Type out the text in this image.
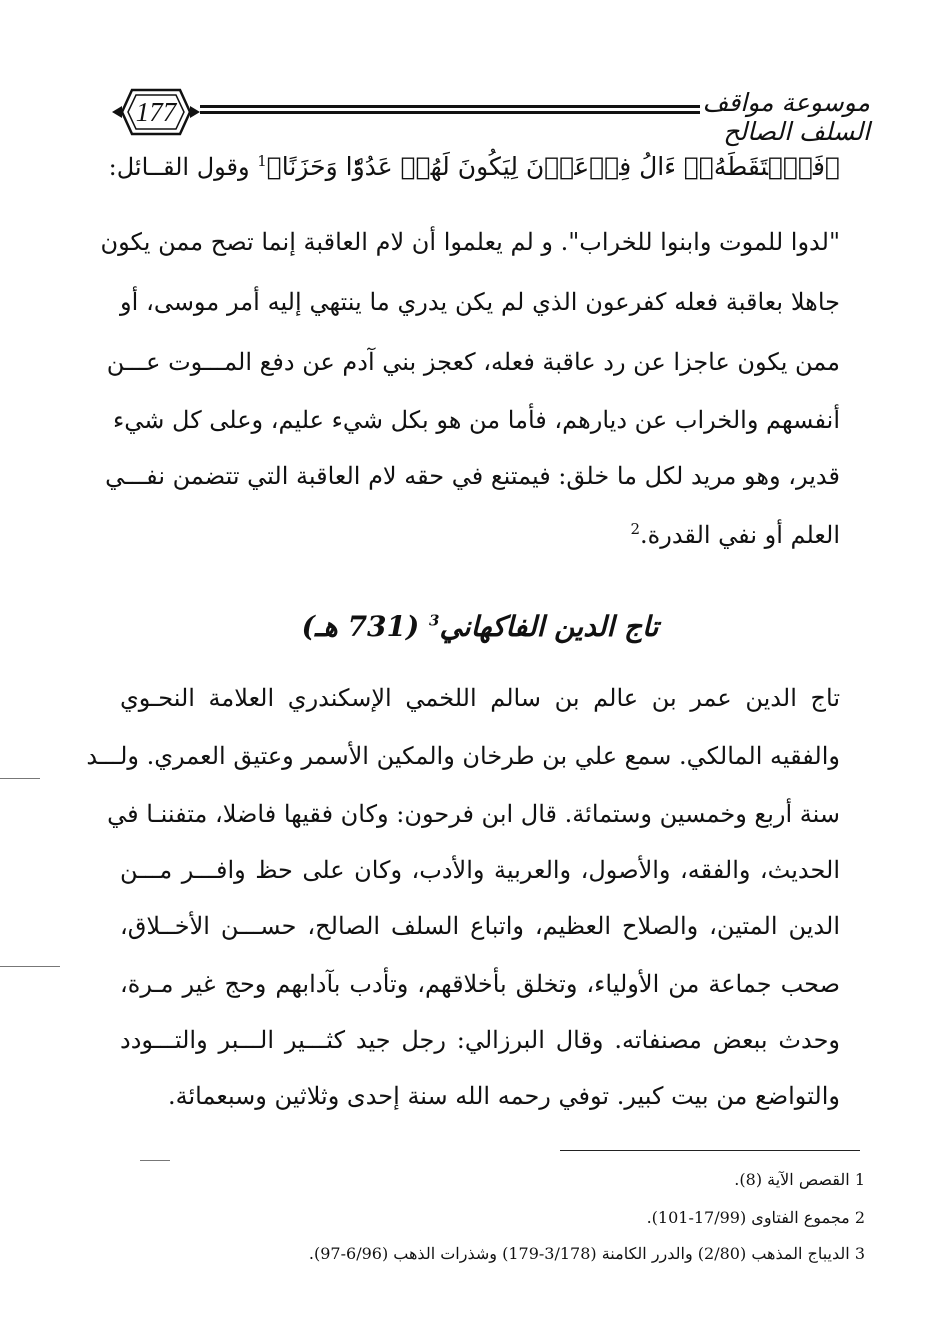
177	موسوعة مواقف السلف الصالح
﴿فَٱلۡتَقَطَهُۥٓ ءَالُ فِرۡعَوۡنَ لِيَكُونَ لَهُمۡ عَدُوّٗا وَحَزَنًا﴾$^1$ وقول القــائل:
"لدوا للموت وابنوا للخراب". و لم يعلموا أن لام العاقبة إنما تصح ممن يكون
جاهلا بعاقبة فعله كفرعون الذي لم يكن يدري ما ينتهي إليه أمر موسى، أو
ممن يكون عاجزا عن رد عاقبة فعله، كعجز بني آدم عن دفع المـــوت عـــن
أنفسهم والخراب عن ديارهم، فأما من هو بكل شيء عليم، وعلى كل شيء
قدير، وهو مريد لكل ما خلق: فيمتنع في حقه لام العاقبة التي تتضمن نفـــي
العلم أو نفي القدرة.$^2$
تاج الدين الفاكهاني$^3$ (731 هـ)
تاج الدين عمر بن عالم بن سالم اللخمي الإسكندري العلامة النحـوي
والفقيه المالكي. سمع علي بن طرخان والمكين الأسمر وعتيق العمري. ولـــد
سنة أربع وخمسين وستمائة. قال ابن فرحون: وكان فقيها فاضلا، متفننـا في
الحديث، والفقه، والأصول، والعربية والأدب، وكان على حظ وافـــر مـــن
الدين المتين، والصلاح العظيم، واتباع السلف الصالح، حســـن الأخــلاق،
صحب جماعة من الأولياء، وتخلق بأخلاقهم، وتأدب بآدابهم وحج غير مـرة،
وحدث ببعض مصنفاته. وقال البرزالي: رجل جيد كثـــير الـــبر والتـــودد
والتواضع من بيت كبير. توفي رحمه الله سنة إحدى وثلاثين وسبعمائة.
1 القصص الآية (8).
2 مجموع الفتاوى (17/99-101).
3 الديباج المذهب (2/80) والدرر الكامنة (3/178-179) وشذرات الذهب (6/96-97).
